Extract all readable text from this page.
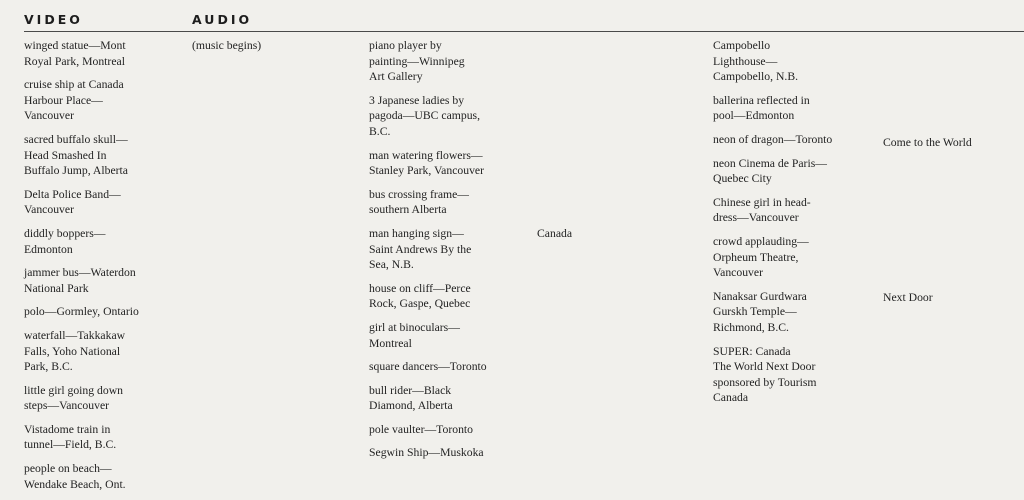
VIDEO	AUDIO
winged statue—Mont
Royal Park, Montreal
cruise ship at Canada
Harbour Place—
Vancouver
sacred buffalo skull—
Head Smashed In
Buffalo Jump, Alberta
Delta Police Band—
Vancouver
diddly boppers—
Edmonton
jammer bus—Waterdon
National Park
polo—Gormley, Ontario
waterfall—Takkakaw
Falls, Yoho National
Park, B.C.
little girl going down
steps—Vancouver
Vistadome train in
tunnel—Field, B.C.
people on beach—
Wendake Beach, Ont.
piano player by
painting—Winnipeg
Art Gallery
3 Japanese ladies by
pagoda—UBC campus,
B.C.
man watering flowers—
Stanley Park, Vancouver
bus crossing frame—
southern Alberta
man hanging sign—
Saint Andrews By the
Sea, N.B.
house on cliff—Perce
Rock, Gaspe, Quebec
girl at binoculars—
Montreal
square dancers—Toronto
bull rider—Black
Diamond, Alberta
pole vaulter—Toronto
Segwin Ship—Muskoka
Campobello
Lighthouse—
Campobello, N.B.
ballerina reflected in
pool—Edmonton
neon of dragon—Toronto
neon Cinema de Paris—
Quebec City
Chinese girl in head-
dress—Vancouver
crowd applauding—
Orpheum Theatre,
Vancouver
Nanaksar Gurdwara
Gurskh Temple—
Richmond, B.C.
SUPER: Canada
The World Next Door
sponsored by Tourism
Canada
(music begins)
Canada
Come to the World
Next Door
